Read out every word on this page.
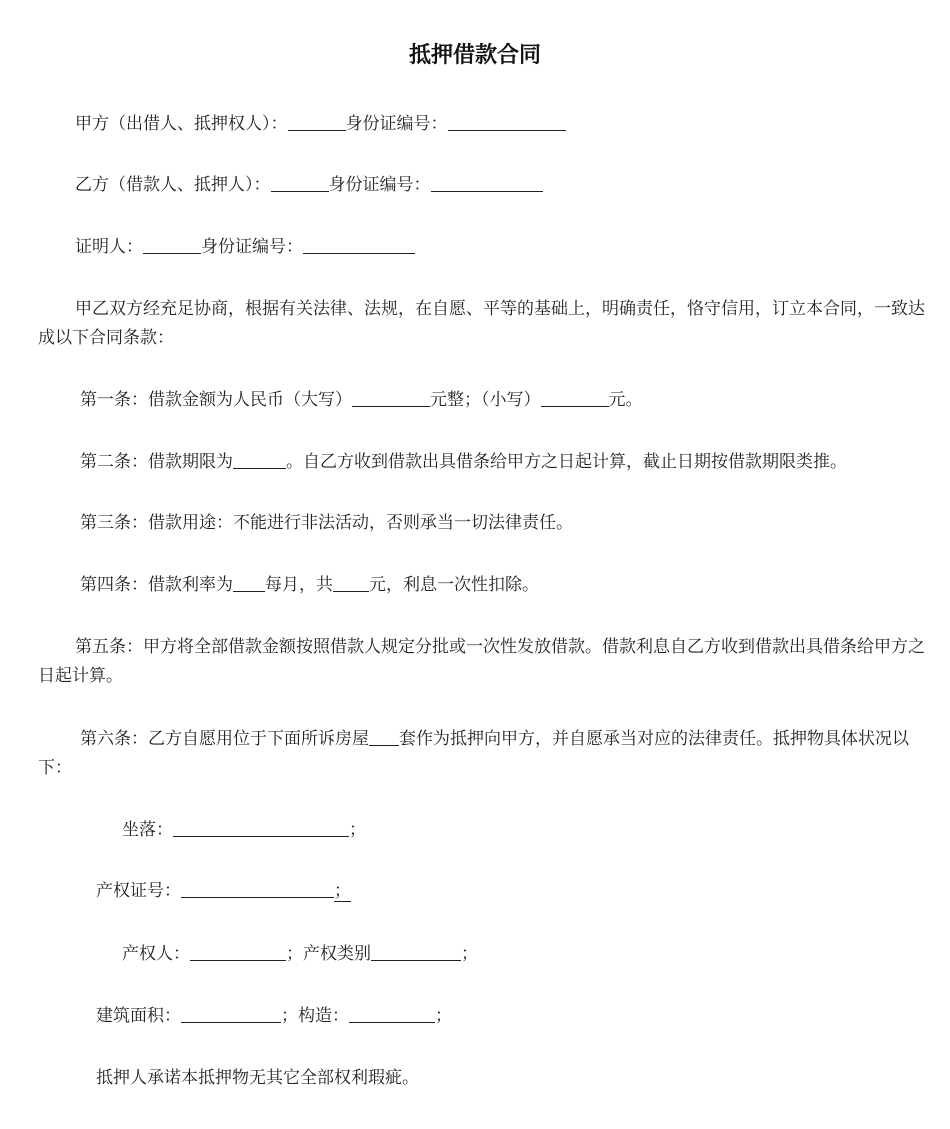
抵押借款合同
甲方（出借人、抵押权人）：	身份证编号：
乙方（借款人、抵押人）：	身份证编号：
证明人：	身份证编号：
甲乙双方经充足协商，根据有关法律、法规，在自愿、平等的基础上，明确责任，恪守信用，订立本合同，一致达成以下合同条款：
第一条：借款金额为人民币（大写）	元整；（小写）	元。
第二条：借款期限为	。自乙方收到借款出具借条给甲方之日起计算，截止日期按借款期限类推。
第三条：借款用途：不能进行非法活动，否则承当一切法律责任。
第四条：借款利率为 每月，共 元，利息一次性扣除。
第五条：甲方将全部借款金额按照借款人规定分批或一次性发放借款。借款利息自乙方收到借款出具借条给甲方之日起计算。
第六条：乙方自愿用位于下面所诉房屋 套作为抵押向甲方，并自愿承当对应的法律责任。抵押物具体状况以下：
坐落：	；
产权证号：	；
产权人：	；产权类别	；
建筑面积：	；构造：	；
抵押人承诺本抵押物无其它全部权利瑕疵。
